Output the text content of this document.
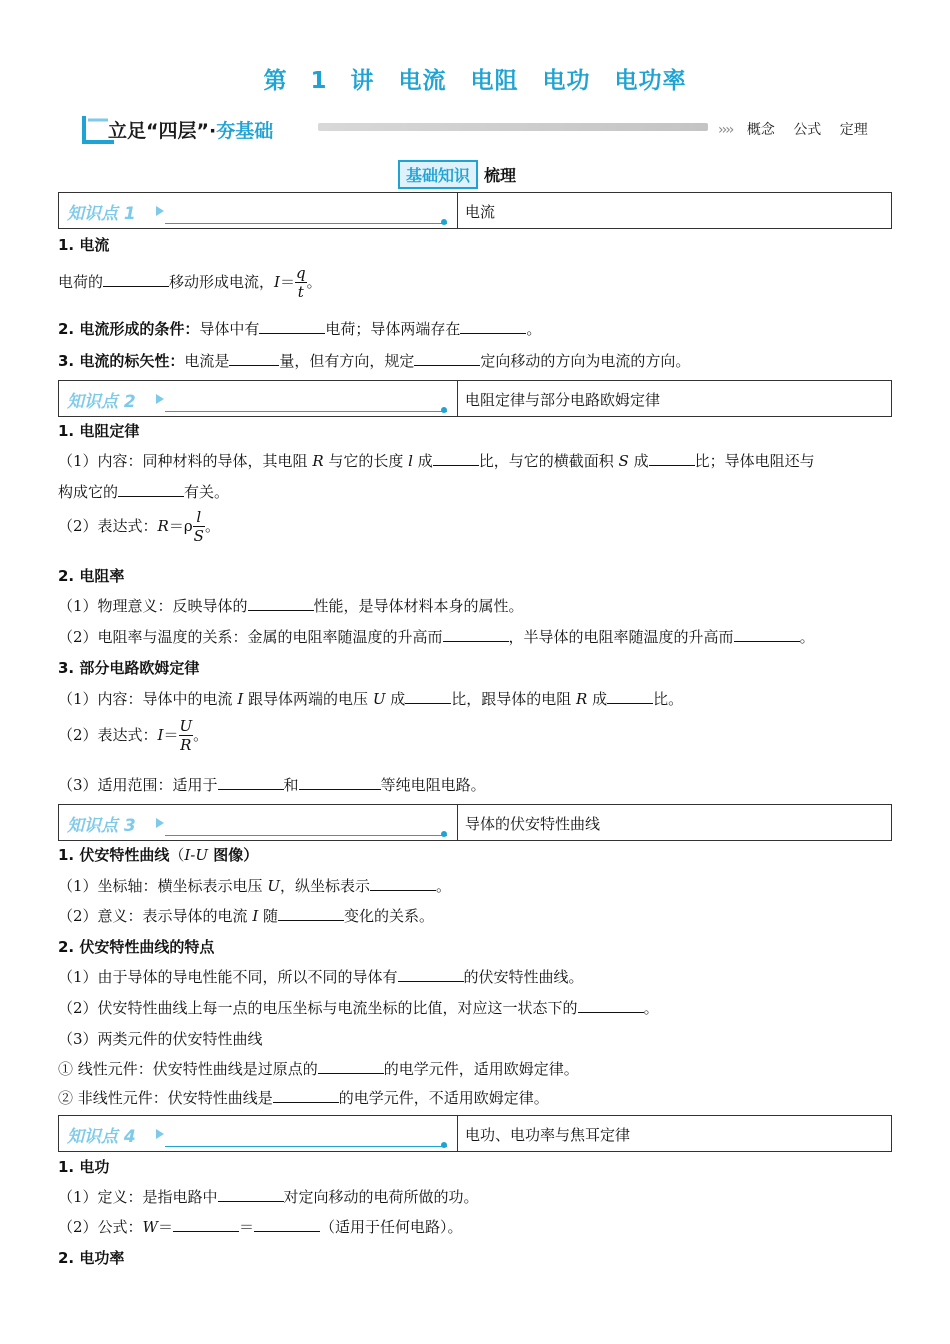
第 1 讲　电流　电阻　电功　电功率
立足“四层”·夯基础	›››› 概念 公式 定理
基础知识 梳理
知识点 1	电流
1. 电流
电荷的	移动形成电流，$I= \frac{q}{t}$ 。
2. 电流形成的条件：导体中有	电荷；导体两端存在	。
3. 电流的标矢性：电流是	量，但有方向，规定	定向移动的方向为电流的方向。
知识点 2	电阻定律与部分电路欧姆定律
1. 电阻定律
（1）内容：同种材料的导体，其电阻 R 与它的长度 l 成	比，与它的横截面积 S 成	比；导体电阻还与
构成它的	有关。
（2）表达式：$R=\rho \frac{l}{S}$ 。
2. 电阻率
（1）物理意义：反映导体的	性能，是导体材料本身的属性。
（2）电阻率与温度的关系：金属的电阻率随温度的升高而	，半导体的电阻率随温度的升高而	。
3. 部分电路欧姆定律
（1）内容：导体中的电流 I 跟导体两端的电压 U 成	比，跟导体的电阻 R 成	比。
（2）表达式：$I= \frac{U}{R}$ 。
（3）适用范围：适用于	和	等纯电阻电路。
知识点 3	导体的伏安特性曲线
1. 伏安特性曲线（I-U 图像）
（1）坐标轴：横坐标表示电压 U，纵坐标表示	。
（2）意义：表示导体的电流 I 随	变化的关系。
2. 伏安特性曲线的特点
（1）由于导体的导电性能不同，所以不同的导体有	的伏安特性曲线。
（2）伏安特性曲线上每一点的电压坐标与电流坐标的比值，对应这一状态下的	。
（3）两类元件的伏安特性曲线
① 线性元件：伏安特性曲线是过原点的	的电学元件，适用欧姆定律。
② 非线性元件：伏安特性曲线是	的电学元件，不适用欧姆定律。
知识点 4	电功、电功率与焦耳定律
1. 电功
（1）定义：是指电路中	对定向移动的电荷所做的功。
（2）公式：W＝	＝	（适用于任何电路）。
2. 电功率
